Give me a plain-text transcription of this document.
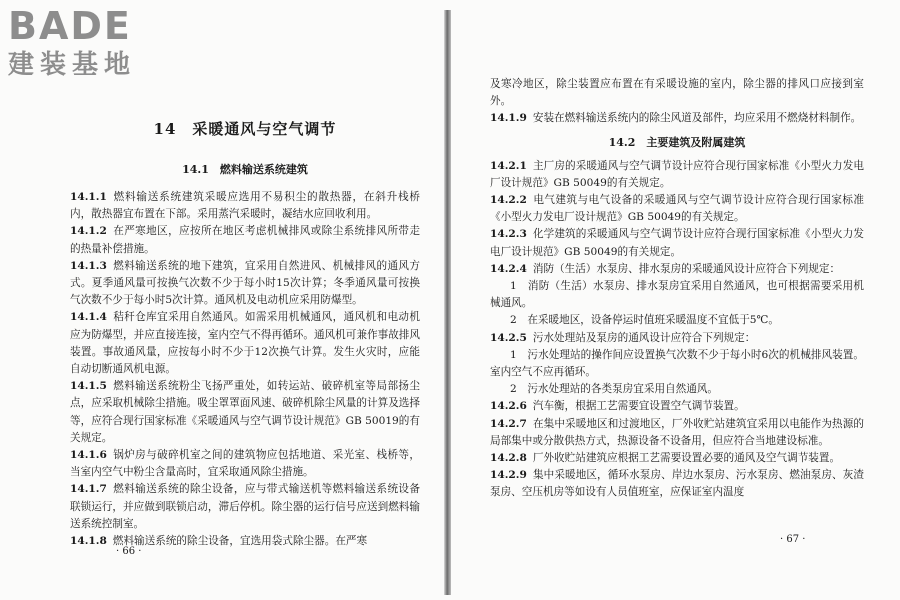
14　采暖通风与空气调节
14.1　燃料输送系统建筑

14.1.1 燃料输送系统建筑采暖应选用不易积尘的散热器，在斜升栈桥内，散热器宜布置在下部。采用蒸汽采暖时，凝结水应回收利用。

14.1.2 在严寒地区，应按所在地区考虑机械排风或除尘系统排风所带走的热量补偿措施。

14.1.3 燃料输送系统的地下建筑，宜采用自然进风、机械排风的通风方式。夏季通风量可按换气次数不少于每小时15次计算；冬季通风量可按换气次数不少于每小时5次计算。通风机及电动机应采用防爆型。

14.1.4 秸秆仓库宜采用自然通风。如需采用机械通风，通风机和电动机应为防爆型，并应直接连接，室内空气不得再循环。通风机可兼作事故排风装置。事故通风量，应按每小时不少于12次换气计算。发生火灾时，应能自动切断通风机电源。

14.1.5 燃料输送系统粉尘飞扬严重处，如转运站、破碎机室等局部扬尘点，应采取机械除尘措施。吸尘罩罩面风速、破碎机除尘风量的计算及选择等，应符合现行国家标准《采暖通风与空气调节设计规范》GB 50019的有关规定。

14.1.6 锅炉房与破碎机室之间的建筑物应包括地道、采光室、栈桥等，当室内空气中粉尘含量高时，宜采取通风除尘措施。

14.1.7 燃料输送系统的除尘设备，应与带式输送机等燃料输送系统设备联锁运行，并应做到联锁启动，滞后停机。除尘器的运行信号应送到燃料输送系统控制室。

14.1.8 燃料输送系统的除尘设备，宜选用袋式除尘器。在严寒

及寒冷地区，除尘装置应布置在有采暖设施的室内，除尘器的排风口应接到室外。

14.1.9 安装在燃料输送系统内的除尘风道及部件，均应采用不燃烧材料制作。

14.2　主要建筑及附属建筑

14.2.1 主厂房的采暖通风与空气调节设计应符合现行国家标准《小型火力发电厂设计规范》GB 50049的有关规定。

14.2.2 电气建筑与电气设备的采暖通风与空气调节设计应符合现行国家标准《小型火力发电厂设计规范》GB 50049的有关规定。

14.2.3 化学建筑的采暖通风与空气调节设计应符合现行国家标准《小型火力发电厂设计规范》GB 50049的有关规定。

14.2.4 消防（生活）水泵房、排水泵房的采暖通风设计应符合下列规定：

1　消防（生活）水泵房、排水泵房宜采用自然通风，也可根据需要采用机械通风。

2　在采暖地区，设备停运时值班采暖温度不宜低于5℃。

14.2.5 污水处理站及泵房的通风设计应符合下列规定：

1　污水处理站的操作间应设置换气次数不少于每小时6次的机械排风装置。室内空气不应再循环。

2　污水处理站的各类泵房宜采用自然通风。

14.2.6 汽车衡，根据工艺需要宜设置空气调节装置。

14.2.7 在集中采暖地区和过渡地区，厂外收贮站建筑宜采用以电能作为热源的局部集中或分散供热方式，热源设备不设备用，但应符合当地建设标准。

14.2.8 厂外收贮站建筑应根据工艺需要设置必要的通风及空气调节装置。

14.2.9 集中采暖地区，循环水泵房、岸边水泵房、污水泵房、燃油泵房、灰渣泵房、空压机房等如设有人员值班室，应保证室内温度

BADE
建装基地
· 66 ·
· 67 ·
